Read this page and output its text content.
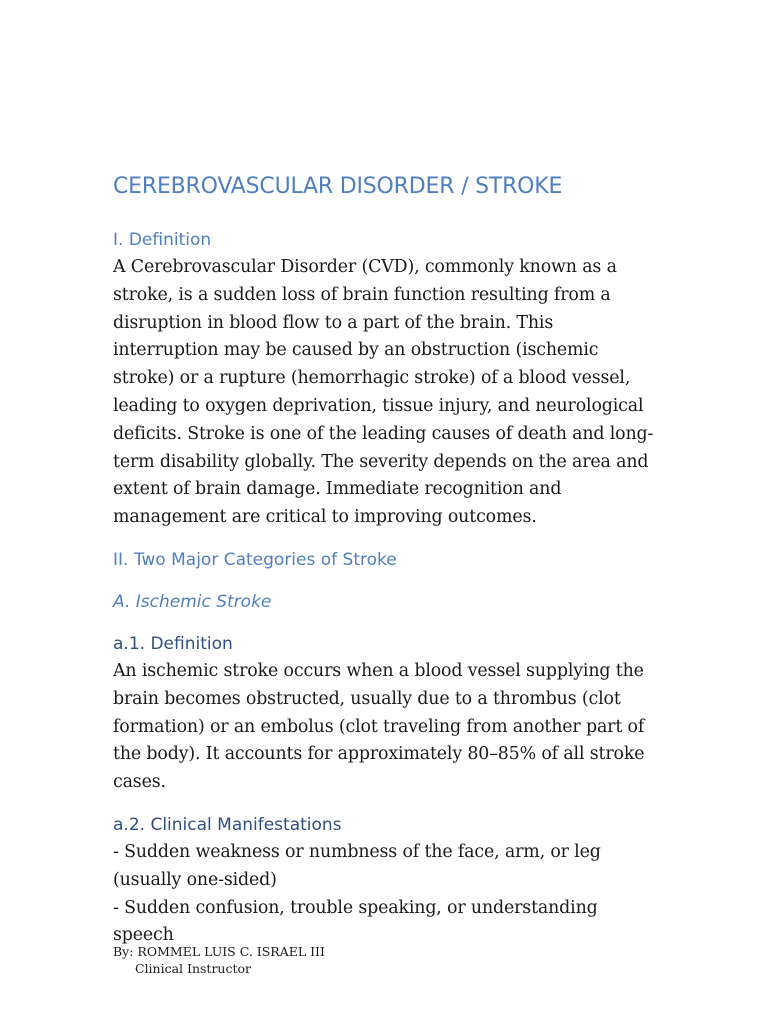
CEREBROVASCULAR DISORDER / STROKE
I. Definition

A Cerebrovascular Disorder (CVD), commonly known as a stroke, is a sudden loss of brain function resulting from a disruption in blood flow to a part of the brain. This interruption may be caused by an obstruction (ischemic stroke) or a rupture (hemorrhagic stroke) of a blood vessel, leading to oxygen deprivation, tissue injury, and neurological deficits. Stroke is one of the leading causes of death and long-term disability globally. The severity depends on the area and extent of brain damage. Immediate recognition and management are critical to improving outcomes.

II. Two Major Categories of Stroke
A. Ischemic Stroke
a.1. Definition

An ischemic stroke occurs when a blood vessel supplying the brain becomes obstructed, usually due to a thrombus (clot formation) or an embolus (clot traveling from another part of the body). It accounts for approximately 80–85% of all stroke cases.

a.2. Clinical Manifestations

- Sudden weakness or numbness of the face, arm, or leg (usually one-sided)

- Sudden confusion, trouble speaking, or understanding speech

By: ROMMEL LUIS C. ISRAEL III
Clinical Instructor
